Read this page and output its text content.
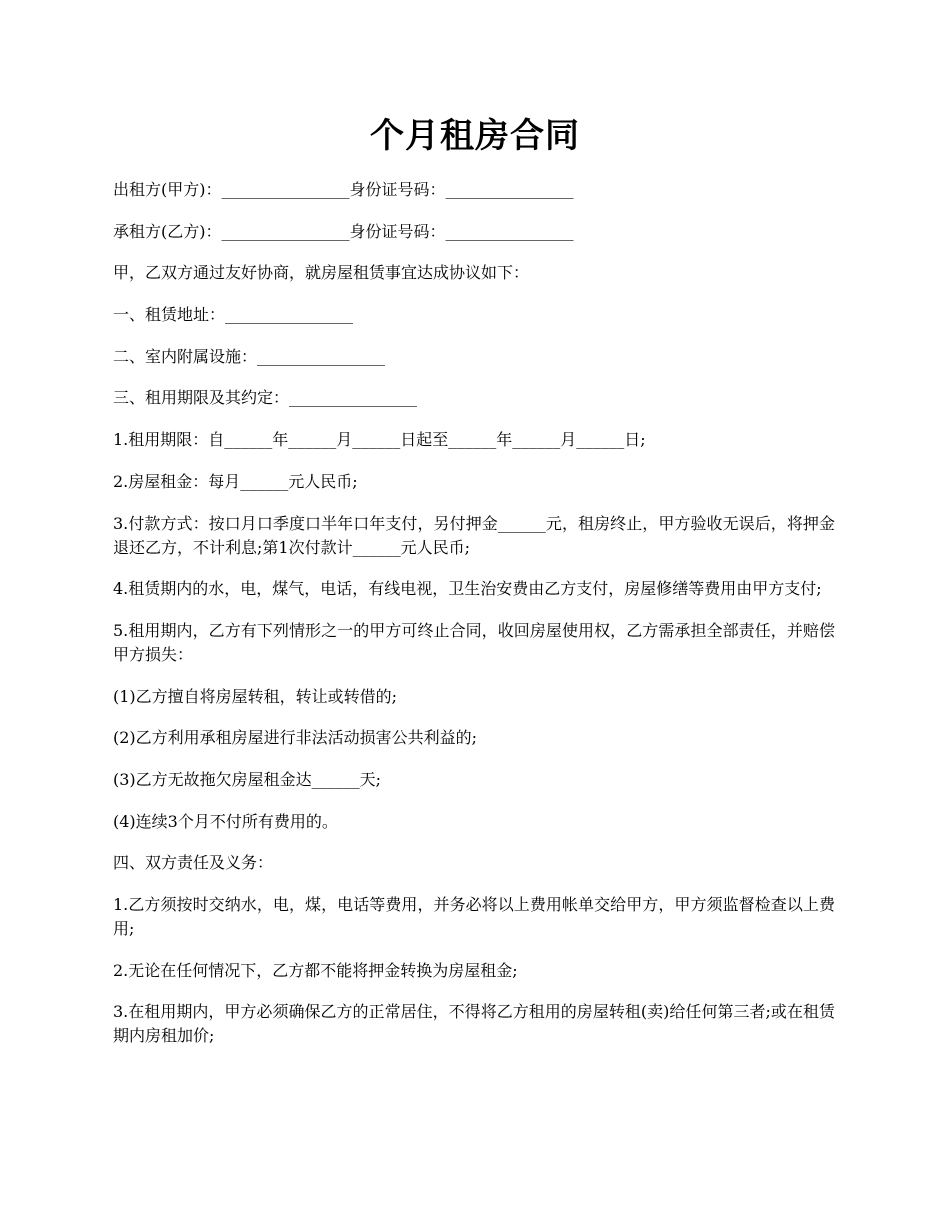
个月租房合同

出租方(甲方)：________________身份证号码：________________

承租方(乙方)：________________身份证号码：________________

甲，乙双方通过友好协商，就房屋租赁事宜达成协议如下：

一、租赁地址：________________

二、室内附属设施：________________

三、租用期限及其约定：________________

1.租用期限：自______年______月______日起至______年______月______日;

2.房屋租金：每月______元人民币;

3.付款方式：按口月口季度口半年口年支付，另付押金______元，租房终止，甲方验收无误后，将押金退还乙方，不计利息;第1次付款计______元人民币;

4.租赁期内的水，电，煤气，电话，有线电视，卫生治安费由乙方支付，房屋修缮等费用由甲方支付;

5.租用期内，乙方有下列情形之一的甲方可终止合同，收回房屋使用权，乙方需承担全部责任，并赔偿甲方损失：

(1)乙方擅自将房屋转租，转让或转借的;

(2)乙方利用承租房屋进行非法活动损害公共利益的;

(3)乙方无故拖欠房屋租金达______天;

(4)连续3个月不付所有费用的。

四、双方责任及义务：

1.乙方须按时交纳水，电，煤，电话等费用，并务必将以上费用帐单交给甲方，甲方须监督检查以上费用;

2.无论在任何情况下，乙方都不能将押金转换为房屋租金;

3.在租用期内，甲方必须确保乙方的正常居住，不得将乙方租用的房屋转租(卖)给任何第三者;或在租赁期内房租加价;
